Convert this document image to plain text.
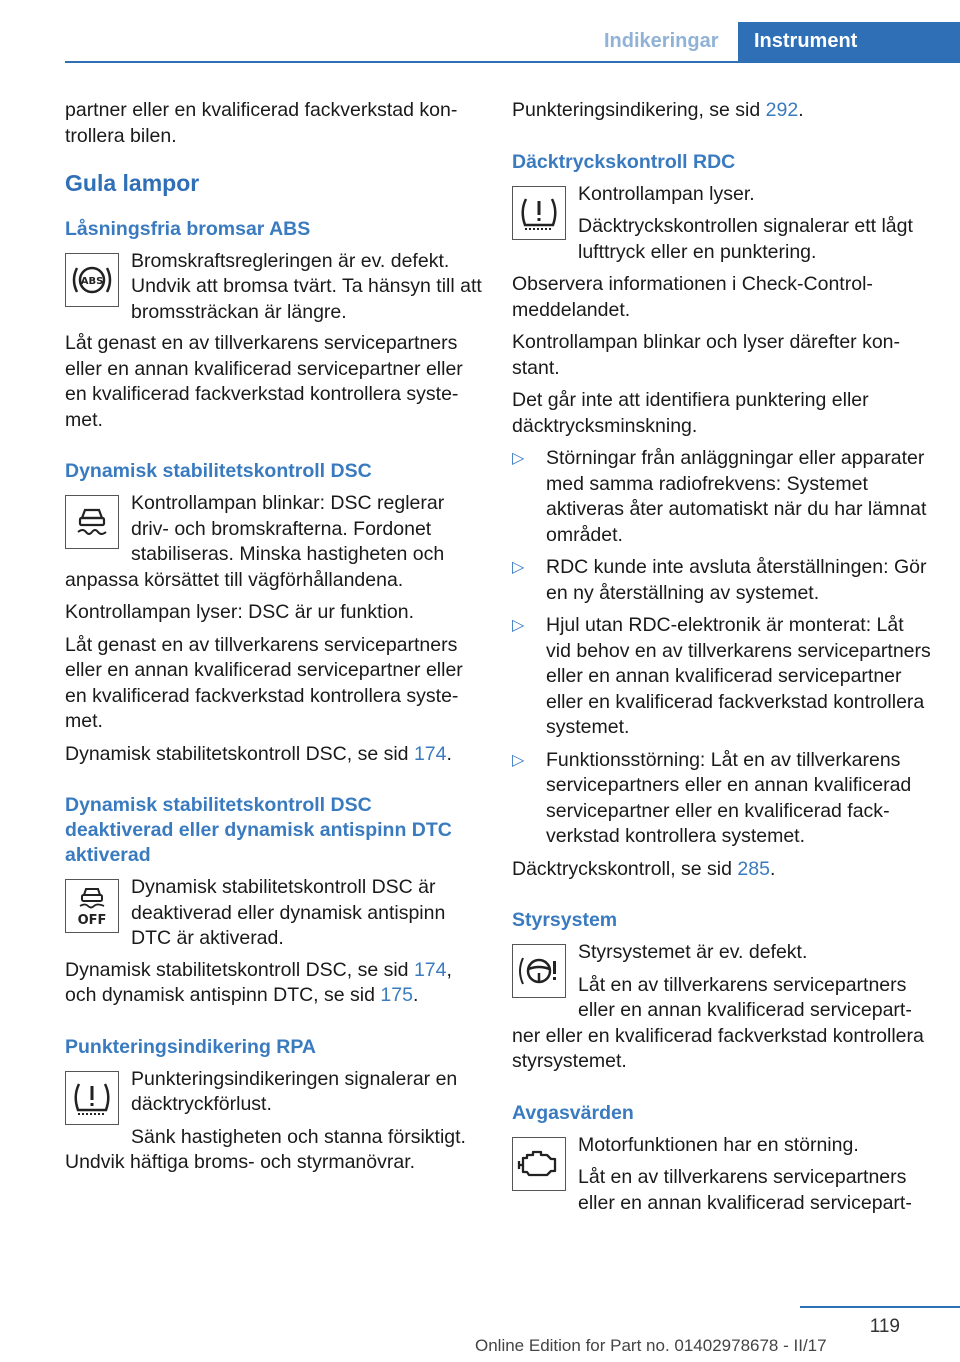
Indikeringar	Instrument

partner eller en kvalificerad fackverkstad kontrollera bilen.

Gula lampor
Låsningsfria bromsar ABS
ABS
Bromskraftsregleringen är ev. defekt. Undvik att bromsa tvärt. Ta hänsyn till att bromssträckan är längre.

Låt genast en av tillverkarens servicepartners eller en annan kvalificerad servicepartner eller en kvalificerad fackverkstad kontrollera systemet.

Dynamisk stabilitetskontroll DSC
Kontrollampan blinkar: DSC reglerar driv- och bromskrafterna. Fordonet stabiliseras. Minska hastigheten och anpassa körsättet till vägförhållandena.

Kontrollampan lyser: DSC är ur funktion.

Låt genast en av tillverkarens servicepartners eller en annan kvalificerad servicepartner eller en kvalificerad fackverkstad kontrollera systemet.

Dynamisk stabilitetskontroll DSC, se sid 174.

Dynamisk stabilitetskontroll DSC deaktiverad eller dynamisk antispinn DTC aktiverad
OFF
Dynamisk stabilitetskontroll DSC är deaktiverad eller dynamisk antispinn DTC är aktiverad.

Dynamisk stabilitetskontroll DSC, se sid 174, och dynamisk antispinn DTC, se sid 175.

Punkteringsindikering RPA

Punkteringsindikeringen signalerar en däcktryckförlust.

Sänk hastigheten och stanna försiktigt. Undvik häftiga broms- och styrmanövrar.

Punkteringsindikering, se sid 292.

Däcktryckskontroll RDC

Kontrollampan lyser.

Däcktryckskontrollen signalerar ett lågt lufttryck eller en punktering.

Observera informationen i Check-Control-meddelandet.

Kontrollampan blinkar och lyser därefter konstant.

Det går inte att identifiera punktering eller däcktrycksminskning.

▷ Störningar från anläggningar eller apparater med samma radiofrekvens: Systemet aktiveras åter automatiskt när du har lämnat området.
▷ RDC kunde inte avsluta återställningen: Gör en ny återställning av systemet.
▷ Hjul utan RDC-elektronik är monterat: Låt vid behov en av tillverkarens servicepartners eller en annan kvalificerad servicepartner eller en kvalificerad fackverkstad kontrollera systemet.
▷ Funktionsstörning: Låt en av tillverkarens servicepartners eller en annan kvalificerad servicepartner eller en kvalificerad fackverkstad kontrollera systemet.

Däcktryckskontroll, se sid 285.

Styrsystem

Styrsystemet är ev. defekt.

Låt en av tillverkarens servicepartners eller en annan kvalificerad servicepartner eller en kvalificerad fackverkstad kontrollera styrsystemet.

Avgasvärden

Motorfunktionen har en störning.

Låt en av tillverkarens servicepartners eller en annan kvalificerad servicepart-

119
Online Edition for Part no. 01402978678 - II/17
